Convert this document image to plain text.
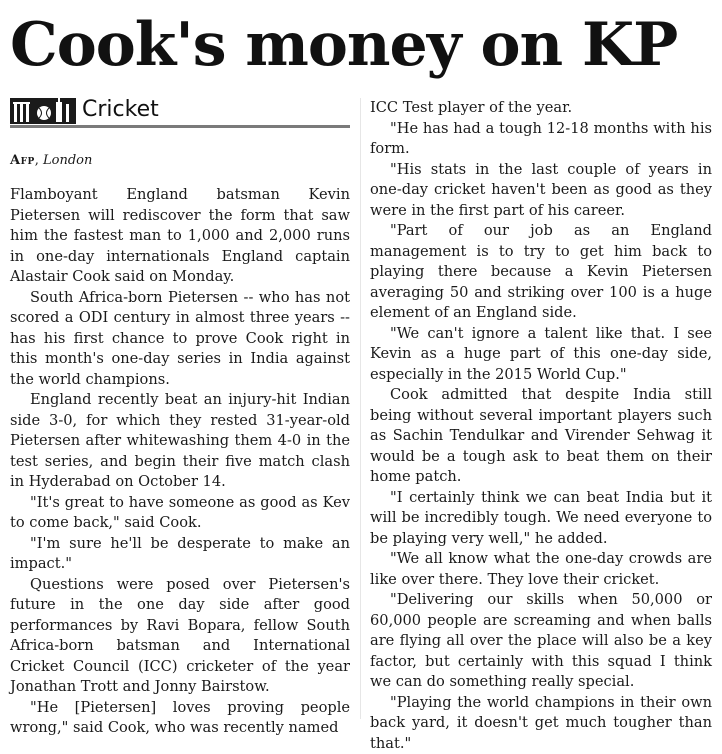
Cook's money on KP
Cricket
Afp, London

Flamboyant England batsman Kevin Pietersen will rediscover the form that saw him the fastest man to 1,000 and 2,000 runs in one-day internationals England captain Alastair Cook said on Monday.

South Africa-born Pietersen -- who has not scored a ODI century in almost three years -- has his first chance to prove Cook right in this month's one-day series in India against the world champions.

England recently beat an injury-hit Indian side 3-0, for which they rested 31-year-old Pietersen after whitewashing them 4-0 in the test series, and begin their five match clash in Hyderabad on October 14.

"It's great to have someone as good as Kev to come back," said Cook.

"I'm sure he'll be desperate to make an impact."

Questions were posed over Pietersen's future in the one day side after good performances by Ravi Bopara, fellow South Africa-born batsman and International Cricket Council (ICC) cricketer of the year Jonathan Trott and Jonny Bairstow.

"He [Pietersen] loves proving people wrong," said Cook, who was recently named

ICC Test player of the year.

"He has had a tough 12-18 months with his form.

"His stats in the last couple of years in one-day cricket haven't been as good as they were in the first part of his career.

"Part of our job as an England management is to try to get him back to playing there because a Kevin Pietersen averaging 50 and striking over 100 is a huge element of an England side.

"We can't ignore a talent like that. I see Kevin as a huge part of this one-day side, especially in the 2015 World Cup."

Cook admitted that despite India still being without several important players such as Sachin Tendulkar and Virender Sehwag it would be a tough ask to beat them on their home patch.

"I certainly think we can beat India but it will be incredibly tough. We need everyone to be playing very well," he added.

"We all know what the one-day crowds are like over there. They love their cricket.

"Delivering our skills when 50,000 or 60,000 people are screaming and when balls are flying all over the place will also be a key factor, but certainly with this squad I think we can do something really special.

"Playing the world champions in their own back yard, it doesn't get much tougher than that."
